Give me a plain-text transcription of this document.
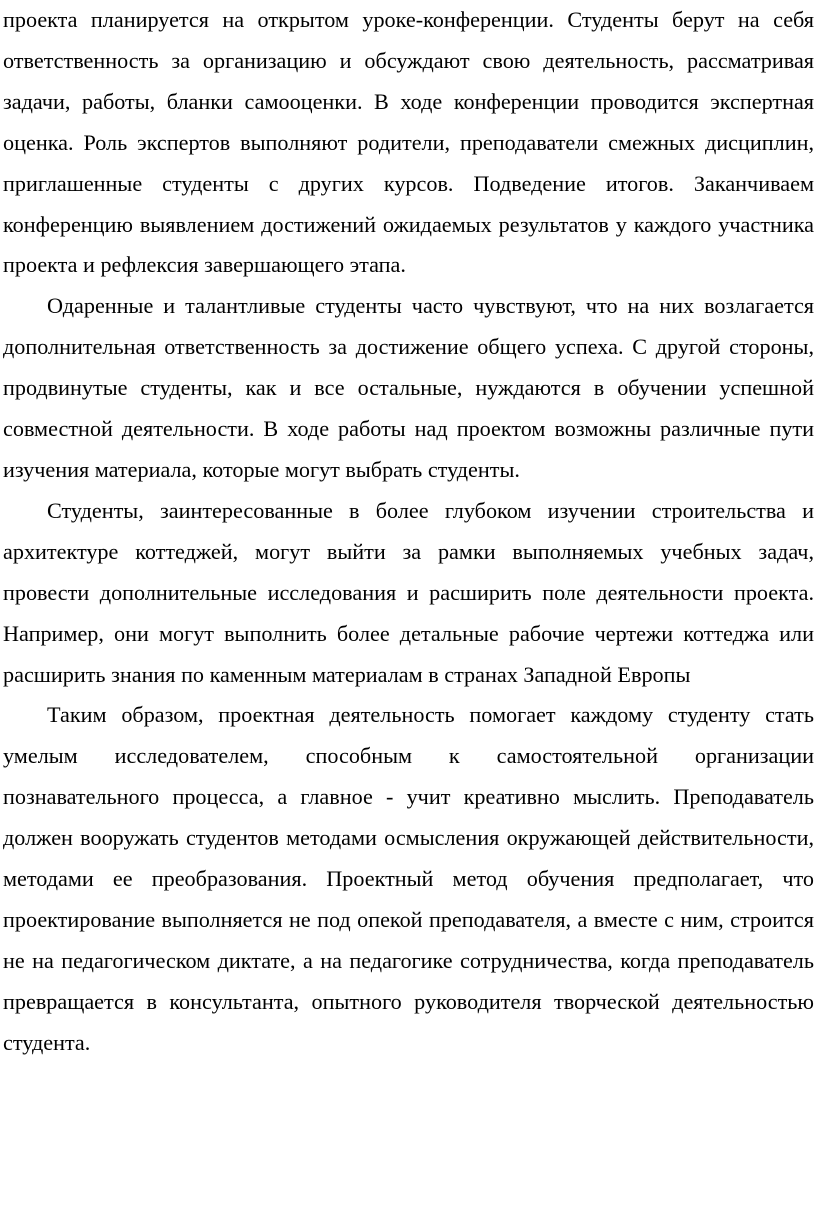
проекта планируется на открытом уроке-конференции. Студенты берут на себя ответственность за организацию и обсуждают свою деятельность, рассматривая задачи, работы, бланки самооценки. В ходе конференции проводится экспертная оценка. Роль экспертов выполняют родители, преподаватели смежных дисциплин, приглашенные студенты с других курсов. Подведение итогов. Заканчиваем конференцию выявлением достижений ожидаемых результатов у каждого участника проекта и рефлексия завершающего этапа.

Одаренные и талантливые студенты часто чувствуют, что на них возлагается дополнительная ответственность за достижение общего успеха. С другой стороны, продвинутые студенты, как и все остальные, нуждаются в обучении успешной совместной деятельности. В ходе работы над проектом возможны различные пути изучения материала, которые могут выбрать студенты.

Студенты, заинтересованные в более глубоком изучении строительства и архитектуре коттеджей, могут выйти за рамки выполняемых учебных задач, провести дополнительные исследования и расширить поле деятельности проекта. Например, они могут выполнить более детальные рабочие чертежи коттеджа или расширить знания по каменным материалам в странах Западной Европы

Таким образом, проектная деятельность помогает каждому студенту стать умелым исследователем, способным к самостоятельной организации познавательного процесса, а главное - учит креативно мыслить. Преподаватель должен вооружать студентов методами осмысления окружающей действительности, методами ее преобразования. Проектный метод обучения предполагает, что проектирование выполняется не под опекой преподавателя, а вместе с ним, строится не на педагогическом диктате, а на педагогике сотрудничества, когда преподаватель превращается в консультанта, опытного руководителя творческой деятельностью студента.
